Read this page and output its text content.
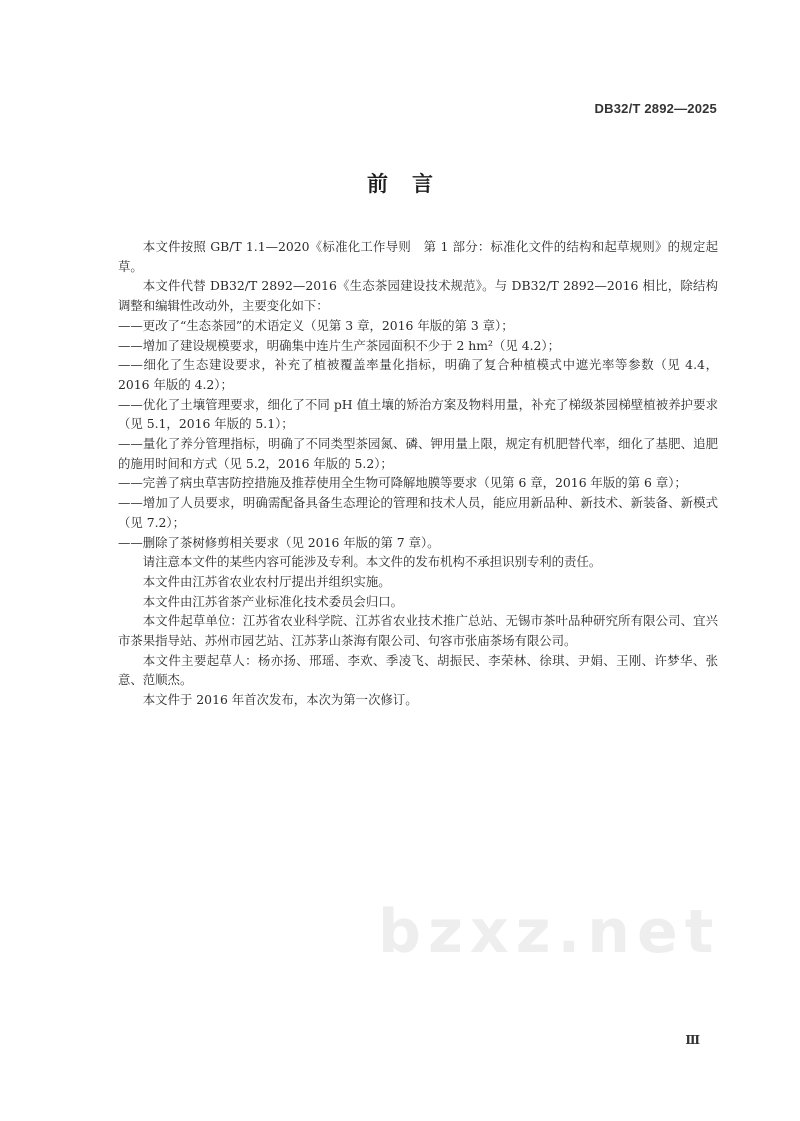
DB32/T 2892—2025
前言

本文件按照 GB/T 1.1—2020《标准化工作导则　第 1 部分：标准化文件的结构和起草规则》的规定起草。

本文件代替 DB32/T 2892—2016《生态茶园建设技术规范》。与 DB32/T 2892—2016 相比，除结构调整和编辑性改动外，主要变化如下：

——更改了“生态茶园”的术语定义（见第 3 章，2016 年版的第 3 章）；

——增加了建设规模要求，明确集中连片生产茶园面积不少于 2 hm²（见 4.2）；

——细化了生态建设要求，补充了植被覆盖率量化指标，明确了复合种植模式中遮光率等参数（见 4.4，2016 年版的 4.2）；

——优化了土壤管理要求，细化了不同 pH 值土壤的矫治方案及物料用量，补充了梯级茶园梯壁植被养护要求（见 5.1，2016 年版的 5.1）；

——量化了养分管理指标，明确了不同类型茶园氮、磷、钾用量上限，规定有机肥替代率，细化了基肥、追肥的施用时间和方式（见 5.2，2016 年版的 5.2）；

——完善了病虫草害防控措施及推荐使用全生物可降解地膜等要求（见第 6 章，2016 年版的第 6 章）；

——增加了人员要求，明确需配备具备生态理论的管理和技术人员，能应用新品种、新技术、新装备、新模式（见 7.2）；

——删除了茶树修剪相关要求（见 2016 年版的第 7 章）。

请注意本文件的某些内容可能涉及专利。本文件的发布机构不承担识别专利的责任。

本文件由江苏省农业农村厅提出并组织实施。

本文件由江苏省茶产业标准化技术委员会归口。

本文件起草单位：江苏省农业科学院、江苏省农业技术推广总站、无锡市茶叶品种研究所有限公司、宜兴市茶果指导站、苏州市园艺站、江苏茅山茶海有限公司、句容市张庙茶场有限公司。

本文件主要起草人：杨亦扬、邢瑶、李欢、季凌飞、胡振民、李荣林、徐琪、尹娟、王刚、许梦华、张意、范顺杰。

本文件于 2016 年首次发布，本次为第一次修订。

bzxz.net
Ⅲ
